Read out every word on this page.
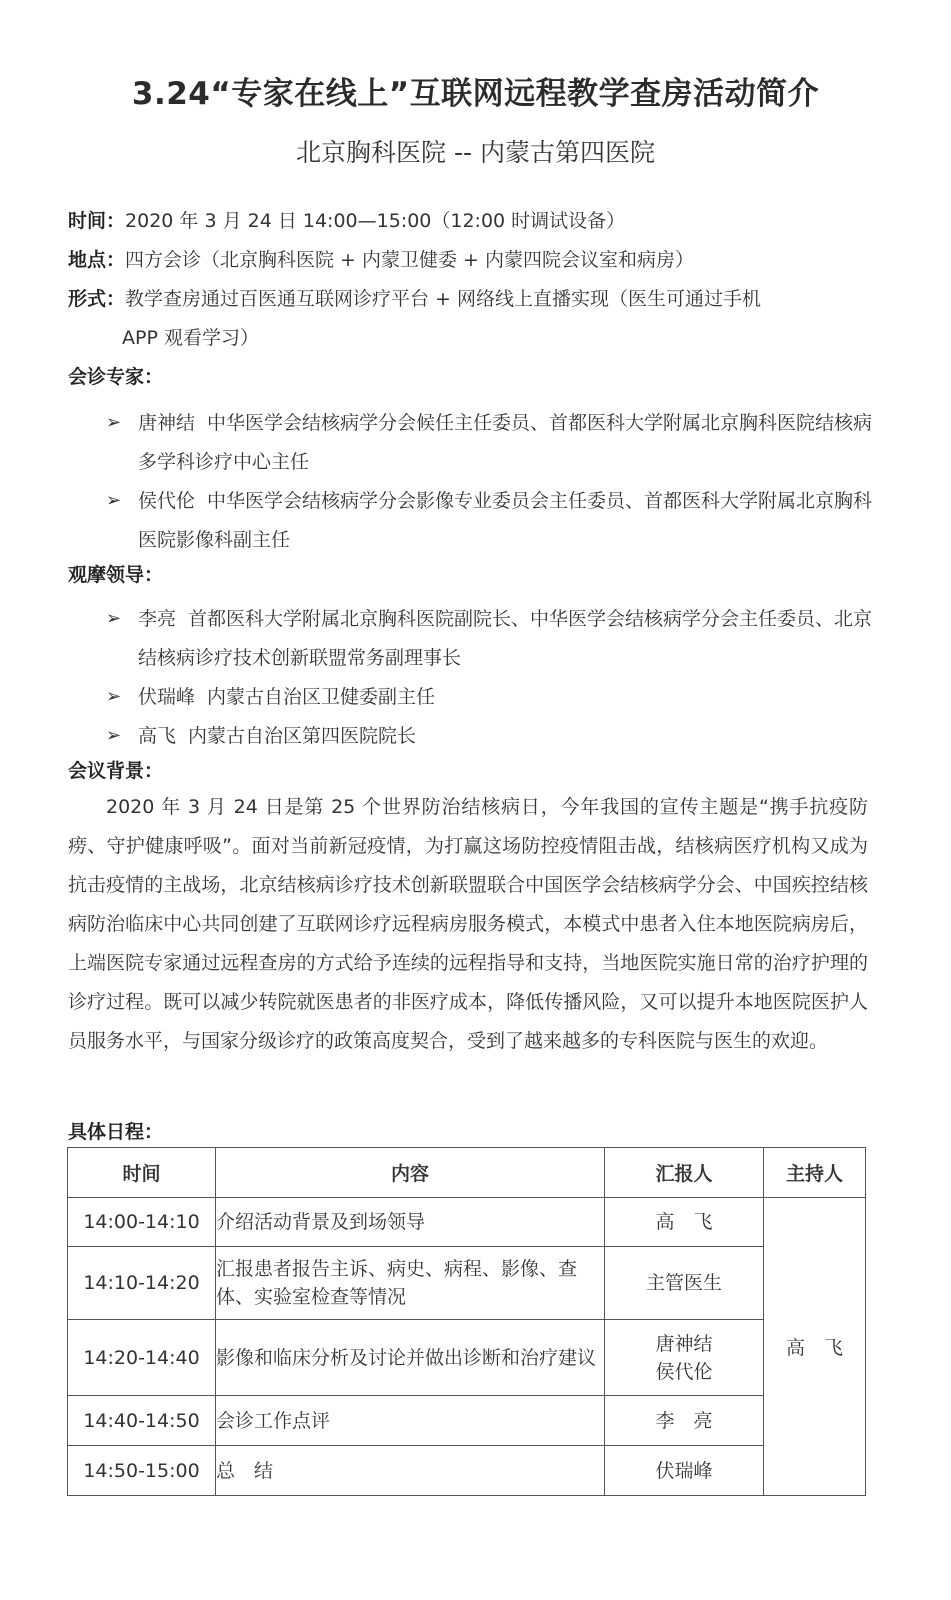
3.24“专家在线上”互联网远程教学查房活动简介
北京胸科医院 -- 内蒙古第四医院
时间：2020 年 3 月 24 日 14:00—15:00（12:00 时调试设备）
地点：四方会诊（北京胸科医院 + 内蒙卫健委 + 内蒙四院会议室和病房）
形式：教学查房通过百医通互联网诊疗平台 + 网络线上直播实现（医生可通过手机
APP 观看学习）
会诊专家：
➢ 唐神结 中华医学会结核病学分会候任主任委员、首都医科大学附属北京胸科医院结核病多学科诊疗中心主任
➢ 侯代伦 中华医学会结核病学分会影像专业委员会主任委员、首都医科大学附属北京胸科医院影像科副主任
观摩领导：
➢ 李亮 首都医科大学附属北京胸科医院副院长、中华医学会结核病学分会主任委员、北京结核病诊疗技术创新联盟常务副理事长
➢ 伏瑞峰 内蒙古自治区卫健委副主任
➢ 高飞 内蒙古自治区第四医院院长
会议背景：
2020 年 3 月 24 日是第 25 个世界防治结核病日，今年我国的宣传主题是“携手抗疫防痨、守护健康呼吸”。面对当前新冠疫情，为打赢这场防控疫情阻击战，结核病医疗机构又成为抗击疫情的主战场，北京结核病诊疗技术创新联盟联合中国医学会结核病学分会、中国疾控结核病防治临床中心共同创建了互联网诊疗远程病房服务模式，本模式中患者入住本地医院病房后，上端医院专家通过远程查房的方式给予连续的远程指导和支持，当地医院实施日常的治疗护理的诊疗过程。既可以减少转院就医患者的非医疗成本，降低传播风险，又可以提升本地医院医护人员服务水平，与国家分级诊疗的政策高度契合，受到了越来越多的专科医院与医生的欢迎。
具体日程：
时间	内容	汇报人	主持人
14:00-14:10	介绍活动背景及到场领导	高　飞	高　飞
14:10-14:20	汇报患者报告主诉、病史、病程、影像、查体、实验室检查等情况	主管医生	
14:20-14:40	影像和临床分析及讨论并做出诊断和治疗建议	唐神结
侯代伦	
14:40-14:50	会诊工作点评	李　亮	
14:50-15:00	总　结	伏瑞峰	
